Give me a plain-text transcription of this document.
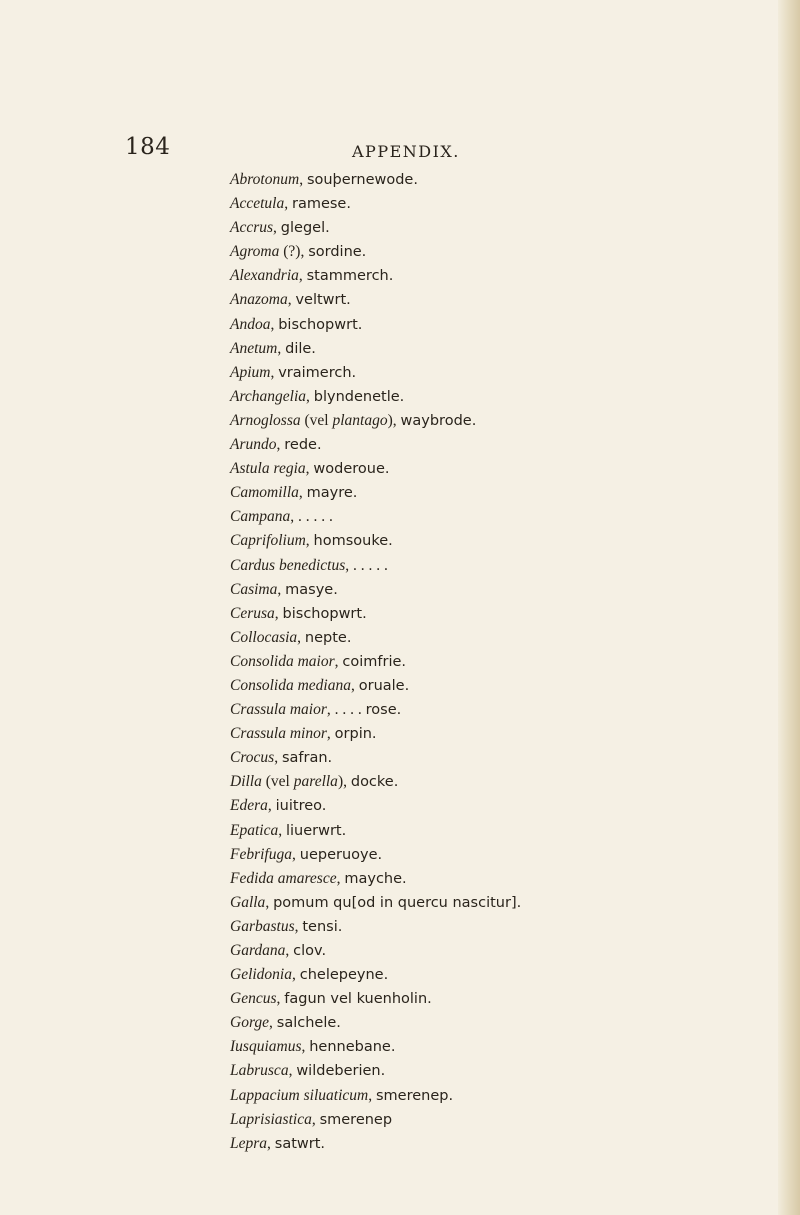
184	APPENDIX.
Abrotonum, souþernewode.
Accetula, ramese.
Accrus, glegel.
Agroma (?), sordine.
Alexandria, stammerch.
Anazoma, veltwrt.
Andoa, bischopwrt.
Anetum, dile.
Apium, vraimerch.
Archangelia, blyndenetle.
Arnoglossa (vel plantago), waybrode.
Arundo, rede.
Astula regia, woderoue.
Camomilla, mayre.
Campana, . . . . .
Caprifolium, homsouke.
Cardus benedictus, . . . . .
Casima, masye.
Cerusa, bischopwrt.
Collocasia, nepte.
Consolida maior, coimfrie.
Consolida mediana, oruale.
Crassula maior, . . . . rose.
Crassula minor, orpin.
Crocus, safran.
Dilla (vel parella), docke.
Edera, iuitreo.
Epatica, liuerwrt.
Febrifuga, ueperuoye.
Fedida amaresce, mayche.
Galla, pomum qu[od in quercu nascitur].
Garbastus, tensi.
Gardana, clov.
Gelidonia, chelepeyne.
Gencus, fagun vel kuenholin.
Gorge, salchele.
Iusquiamus, hennebane.
Labrusca, wildeberien.
Lappacium siluaticum, smerenep.
Laprisiastica, smerenep
Lepra, satwrt.
